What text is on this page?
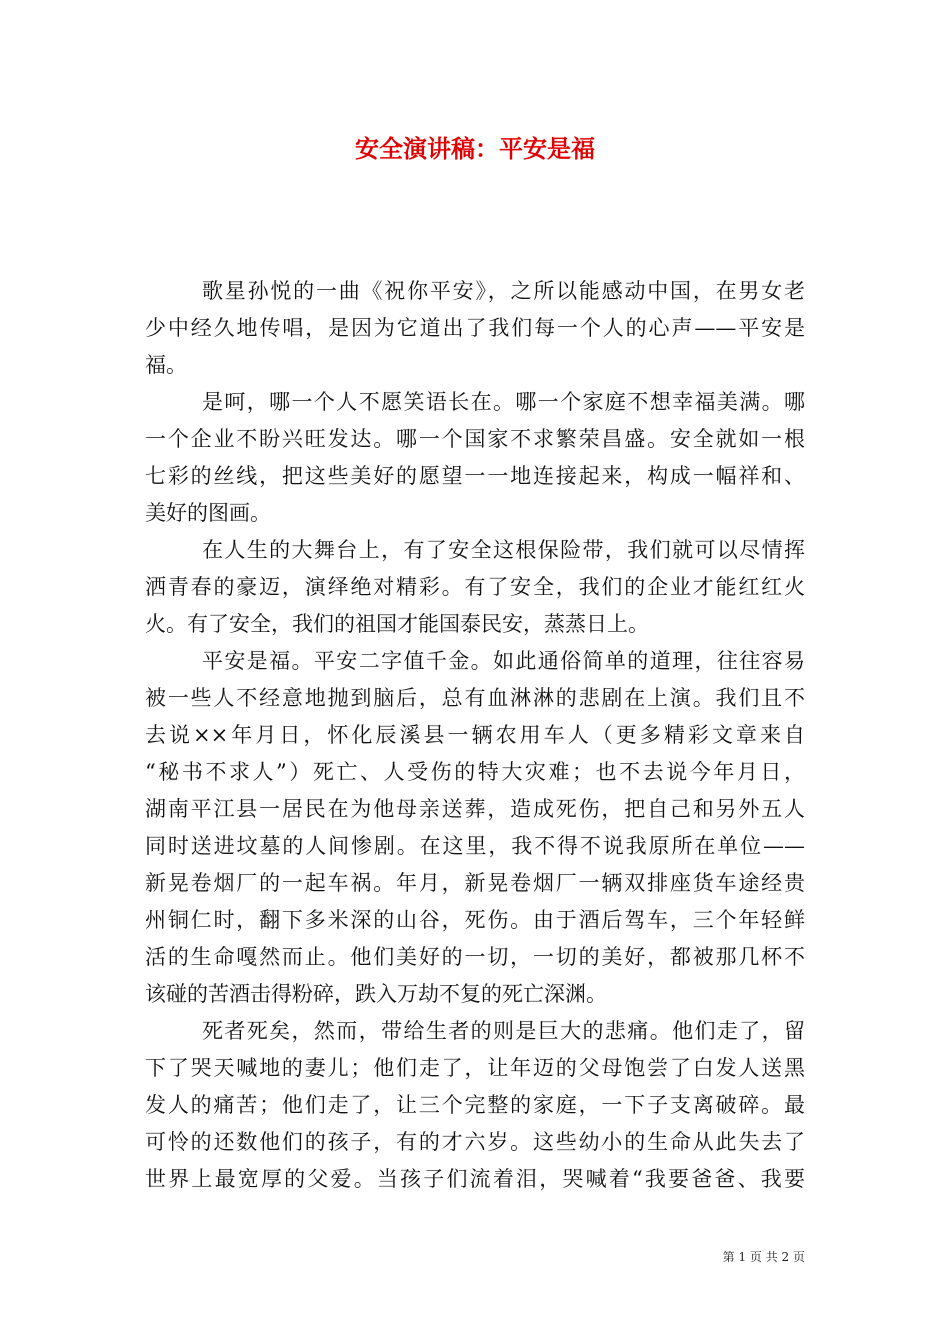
安全演讲稿：平安是福
歌星孙悦的一曲《祝你平安》，之所以能感动中国，在男女老
少中经久地传唱，是因为它道出了我们每一个人的心声——平安是
福。
是呵，哪一个人不愿笑语长在。哪一个家庭不想幸福美满。哪
一个企业不盼兴旺发达。哪一个国家不求繁荣昌盛。安全就如一根
七彩的丝线，把这些美好的愿望一一地连接起来，构成一幅祥和、
美好的图画。
在人生的大舞台上，有了安全这根保险带，我们就可以尽情挥
洒青春的豪迈，演绎绝对精彩。有了安全，我们的企业才能红红火
火。有了安全，我们的祖国才能国泰民安，蒸蒸日上。
平安是福。平安二字值千金。如此通俗简单的道理，往往容易
被一些人不经意地抛到脑后，总有血淋淋的悲剧在上演。我们且不
去说××年月日，怀化辰溪县一辆农用车人（更多精彩文章来自
“秘书不求人”）死亡、人受伤的特大灾难；也不去说今年月日，
湖南平江县一居民在为他母亲送葬，造成死伤，把自己和另外五人
同时送进坟墓的人间惨剧。在这里，我不得不说我原所在单位——
新晃卷烟厂的一起车祸。年月，新晃卷烟厂一辆双排座货车途经贵
州铜仁时，翻下多米深的山谷，死伤。由于酒后驾车，三个年轻鲜
活的生命嘎然而止。他们美好的一切，一切的美好，都被那几杯不
该碰的苦酒击得粉碎，跌入万劫不复的死亡深渊。
死者死矣，然而，带给生者的则是巨大的悲痛。他们走了，留
下了哭天喊地的妻儿；他们走了，让年迈的父母饱尝了白发人送黑
发人的痛苦；他们走了，让三个完整的家庭，一下子支离破碎。最
可怜的还数他们的孩子，有的才六岁。这些幼小的生命从此失去了
世界上最宽厚的父爱。当孩子们流着泪，哭喊着“我要爸爸、我要
第 1 页 共 2 页
